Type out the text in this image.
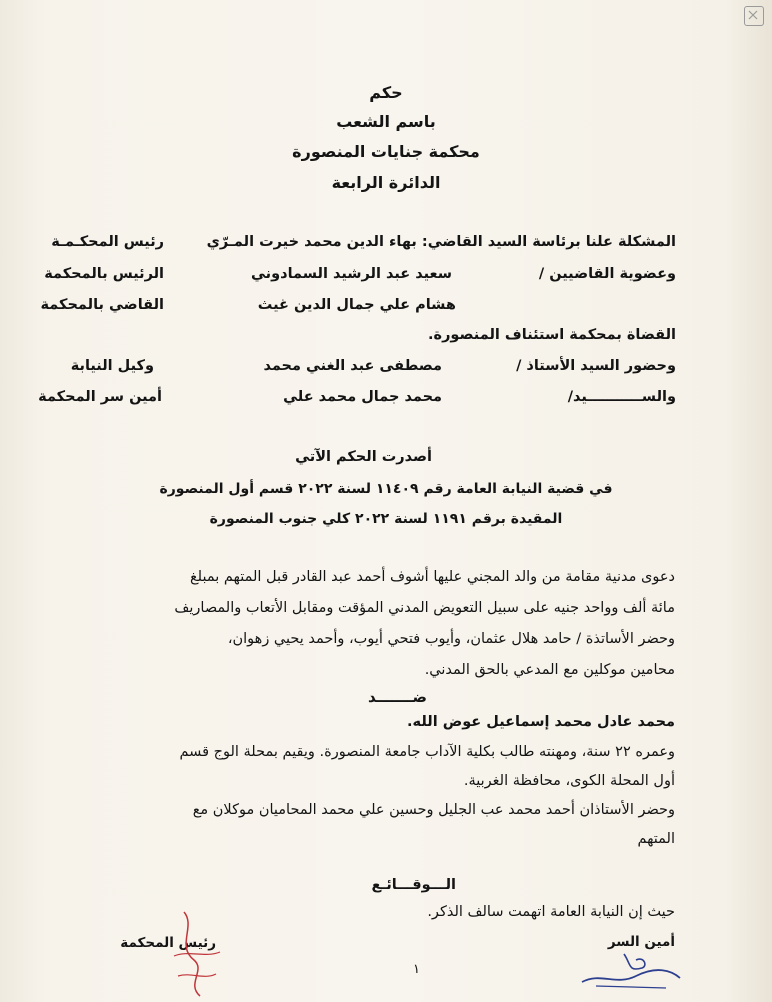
حكم
باسم الشعب
محكمة جنايات المنصورة
الدائرة الرابعة
المشكلة علنا برئاسة السيد القاضي: بهاء الدين محمد خيرت المـرّي
رئيس المحكـمـة
وعضوية القاضيين /
سعيد عبد الرشيد السمادوني
الرئيس بالمحكمة
هشام علي جمال الدين غيث
القاضي بالمحكمة
القضاة بمحكمة استئناف المنصورة.
وحضور السيد الأستاذ /
مصطفى عبد الغني محمد
وكيل النيابة
والســـــــــــيد/
محمد جمال محمد علي
أمين سر المحكمة
أصدرت الحكم الآتي
في قضية النيابة العامة رقم ١١٤٠٩ لسنة ٢٠٢٢ قسم أول المنصورة
المقيدة برقم ١١٩١ لسنة ٢٠٢٢ كلي جنوب المنصورة
دعوى مدنية مقامة من والد المجني عليها أشوف أحمد عبد القادر قبل المتهم بمبلغ
مائة ألف وواحد جنيه على سبيل التعويض المدني المؤقت ومقابل الأتعاب والمصاريف
وحضر الأساتذة / حامد هلال عثمان، وأيوب فتحي أيوب، وأحمد يحيي زهوان،
محامين موكلين مع المدعي بالحق المدني.
ضـــــــد
محمد عادل محمد إسماعيل عوض الله.
وعمره ٢٢ سنة، ومهنته طالب بكلية الآداب جامعة المنصورة. ويقيم بمحلة الوج قسم
أول المحلة الكوى، محافظة الغربية.
وحضر الأستاذان أحمد محمد عب الجليل وحسين علي محمد المحاميان موكلان مع
المتهم
الـــوقـــائـع
حيث إن النيابة العامة اتهمت سالف الذكر.
أمين السر
رئيس المحكمة
١
